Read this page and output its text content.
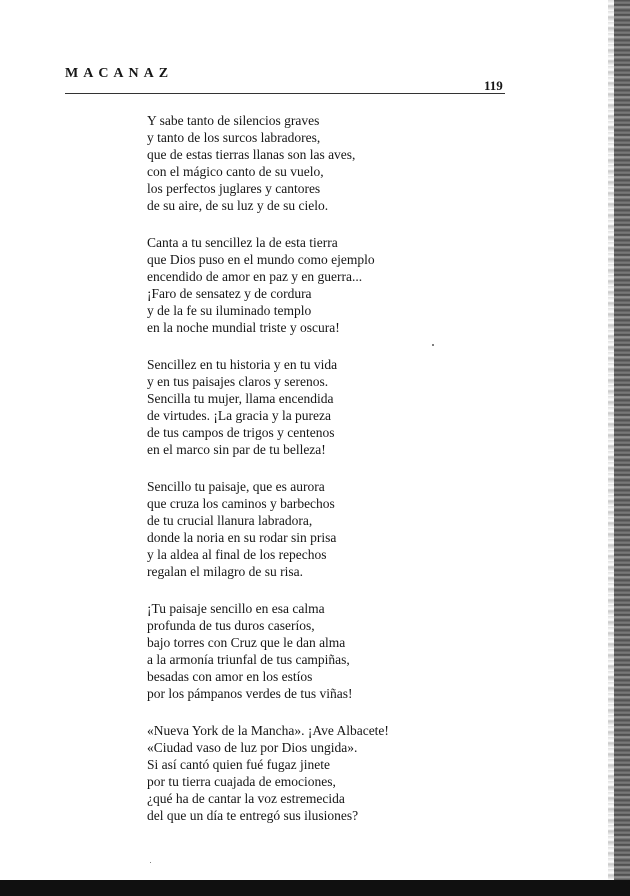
MACANAZ
119
Y sabe tanto de silencios graves
y tanto de los surcos labradores,
que de estas tierras llanas son las aves,
con el mágico canto de su vuelo,
los perfectos juglares y cantores
de su aire, de su luz y de su cielo.
Canta a tu sencillez la de esta tierra
que Dios puso en el mundo como ejemplo
encendido de amor en paz y en guerra...
¡Faro de sensatez y de cordura
y de la fe su iluminado templo
en la noche mundial triste y oscura!
Sencillez en tu historia y en tu vida
y en tus paisajes claros y serenos.
Sencilla tu mujer, llama encendida
de virtudes. ¡La gracia y la pureza
de tus campos de trigos y centenos
en el marco sin par de tu belleza!
Sencillo tu paisaje, que es aurora
que cruza los caminos y barbechos
de tu crucial llanura labradora,
donde la noria en su rodar sin prisa
y la aldea al final de los repechos
regalan el milagro de su risa.
¡Tu paisaje sencillo en esa calma
profunda de tus duros caseríos,
bajo torres con Cruz que le dan alma
a la armonía triunfal de tus campiñas,
besadas con amor en los estíos
por los pámpanos verdes de tus viñas!
«Nueva York de la Mancha». ¡Ave Albacete!
«Ciudad vaso de luz por Dios ungida».
Si así cantó quien fué fugaz jinete
por tu tierra cuajada de emociones,
¿qué ha de cantar la voz estremecida
del que un día te entregó sus ilusiones?
